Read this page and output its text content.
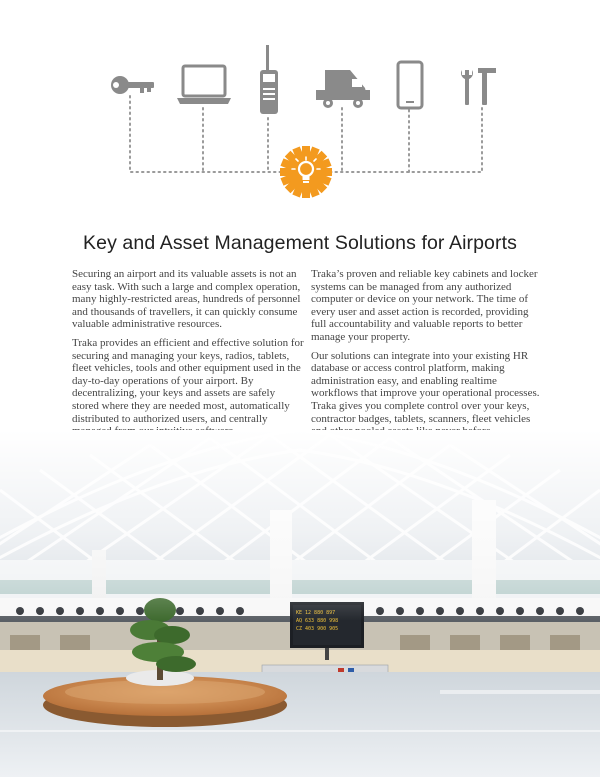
Key and Asset Management Solutions for Airports

Securing an airport and its valuable assets is not an easy task. With such a large and complex operation, many highly-restricted areas, hundreds of personnel and thousands of travellers, it can quickly consume valuable administrative resources.

Traka provides an efficient and effective solution for securing and managing your keys, radios, tablets, fleet vehicles, tools and other equipment used in the day-to-day operations of your airport. By decentralizing, your keys and assets are safely stored where they are needed most, automatically distributed to authorized users, and centrally

Traka’s proven and reliable key cabinets and locker systems can be managed from any authorized computer or device on your network. The time of every user and asset action is recorded, providing full accountability and valuable reports to better manage your property.

Our solutions can integrate into your existing HR database or access control platform, making administration easy, and enabling realtime workflows that improve your operational processes. Traka gives you complete control over your keys, contractor badges, tablets, scanners, fleet vehicles
